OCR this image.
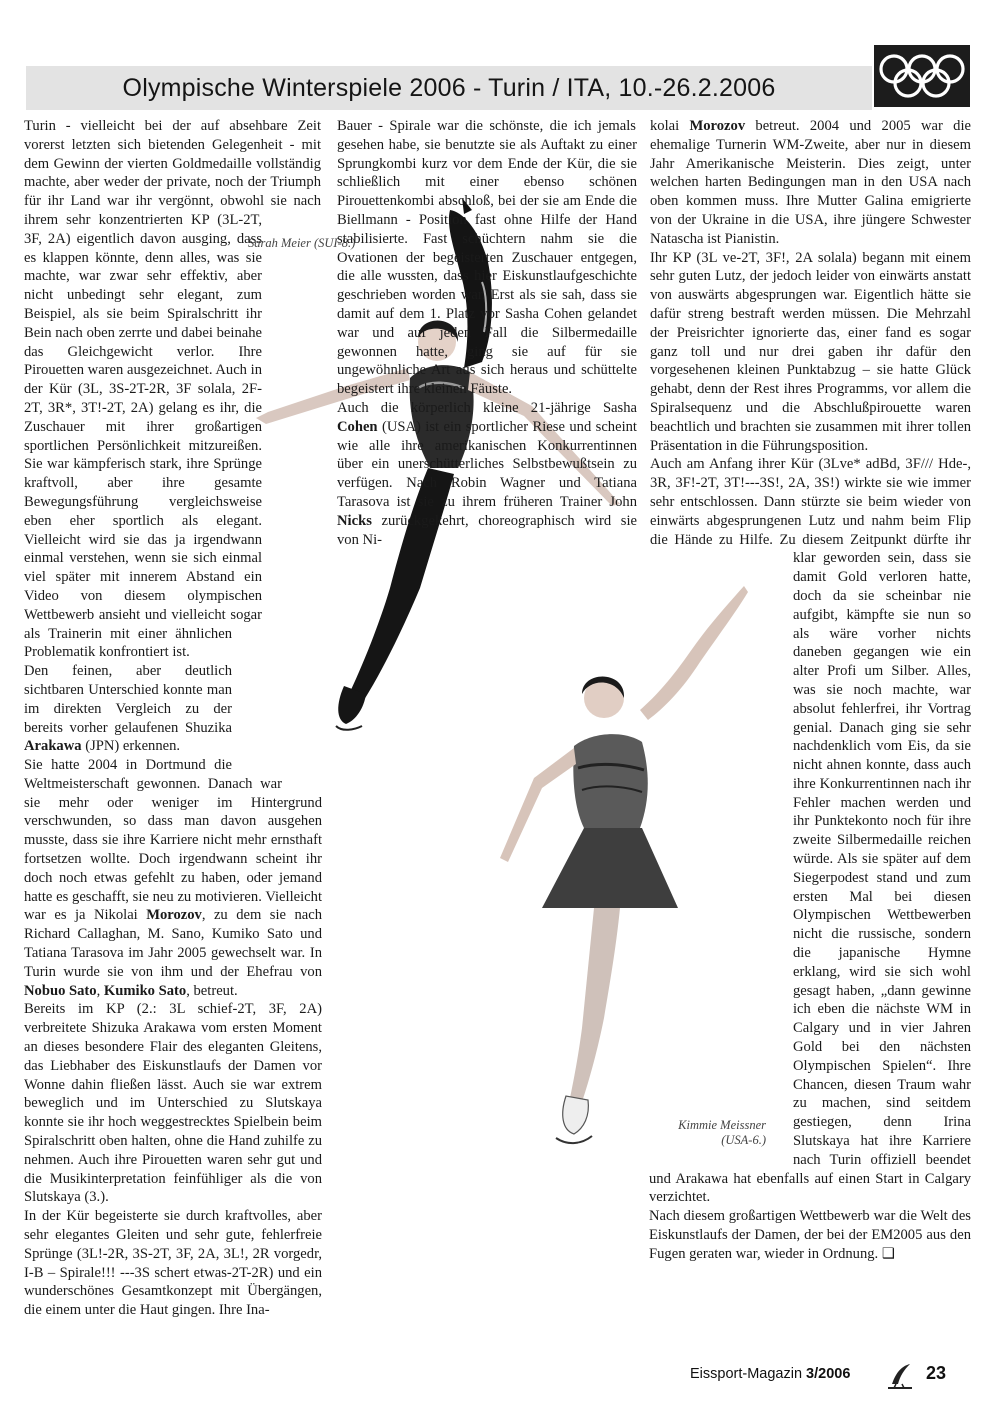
Olympische Winterspiele 2006 - Turin / ITA, 10.-26.2.2006
Sarah Meier (SUI-8.)
Kimmie Meissner
(USA-6.)

Turin - vielleicht bei der auf absehbare Zeit vorerst letzten sich bietenden Gelegenheit - mit dem Gewinn der vierten Goldmedaille vollständig machte, aber weder der private, noch der Triumph für ihr Land war ihr vergönnt, obwohl sie nach ihrem sehr konzentrierten KP (3L-2T, 3F, 2A) eigentlich davon ausging, dass es klappen könnte, denn alles, was sie machte, war zwar sehr effektiv, aber nicht unbedingt sehr elegant, zum Beispiel, als sie beim Spiralschritt ihr Bein nach oben zerrte und dabei beinahe das Gleichgewicht verlor. Ihre Pirouetten waren ausgezeichnet. Auch in der Kür (3L, 3S-2T-2R, 3F solala, 2F-2T, 3R*, 3T!-2T, 2A) gelang es ihr, die Zuschauer mit ihrer großartigen sportlichen Persönlichkeit mitzureißen. Sie war kämpferisch stark, ihre Sprünge kraftvoll, aber ihre gesamte Bewegungsführung vergleichsweise eben eher sportlich als elegant. Vielleicht wird sie das ja irgendwann einmal verstehen, wenn sie sich einmal viel später mit innerem Abstand ein Video von diesem olympischen Wettbewerb ansieht und vielleicht sogar als Trainerin mit einer ähnlichen Problematik konfrontiert ist.

Den feinen, aber deutlich sichtbaren Unterschied konnte man im direkten Vergleich zu der bereits vorher gelaufenen Shuzika Arakawa (JPN) erkennen.

Sie hatte 2004 in Dortmund die Weltmeisterschaft gewonnen. Danach war sie mehr oder weniger im Hintergrund verschwunden, so dass man davon ausgehen musste, dass sie ihre Karriere nicht mehr ernsthaft fortsetzen wollte. Doch irgendwann scheint ihr doch noch etwas gefehlt zu haben, oder jemand hatte es geschafft, sie neu zu motivieren. Vielleicht war es ja Nikolai Morozov, zu dem sie nach Richard Callaghan, M. Sano, Kumiko Sato und Tatiana Tarasova im Jahr 2005 gewechselt war. In Turin wurde sie von ihm und der Ehefrau von Nobuo Sato, Kumiko Sato, betreut.

Bereits im KP (2.: 3L schief-2T, 3F, 2A) verbreitete Shizuka Arakawa vom ersten Moment an dieses besondere Flair des eleganten Gleitens, das Liebhaber des Eiskunstlaufs der Damen vor Wonne dahin fließen lässt. Auch sie war extrem beweglich und im Unterschied zu Slutskaya konnte sie ihr hoch weggestrecktes Spielbein beim Spiralschritt oben halten, ohne die Hand zuhilfe zu nehmen. Auch ihre Pirouetten waren sehr gut und die Musikinterpretation feinfühliger als die von Slutskaya (3.).

In der Kür begeisterte sie durch kraftvolles, aber sehr elegantes Gleiten und sehr gute, fehlerfreie Sprünge (3L!-2R, 3S-2T, 3F, 2A, 3L!, 2R vorgedr, I-B – Spirale!!! ---3S schert etwas-2T-2R) und ein wunderschönes Gesamtkonzept mit Übergängen, die einem unter die Haut gingen. Ihre Ina-

Bauer - Spirale war die schönste, die ich jemals gesehen habe, sie benutzte sie als Auftakt zu einer Sprungkombi kurz vor dem Ende der Kür, die sie schließlich mit einer ebenso schönen Pirouettenkombi abschloß, bei der sie am Ende die Biellmann - Position fast ohne Hilfe der Hand stabilisierte. Fast schüchtern nahm sie die Ovationen der begeisterten Zuschauer entgegen, die alle wussten, dass hier Eiskunstlaufgeschichte geschrieben worden war. Erst als sie sah, dass sie damit auf dem 1. Platz vor Sasha Cohen gelandet war und auf jeden Fall die Silbermedaille gewonnen hatte, ging sie auf für sie ungewöhnliche Art aus sich heraus und schüttelte begeistert ihre kleinen Fäuste.

Auch die körperlich kleine 21-jährige Sasha Cohen (USA) ist ein sportlicher Riese und scheint wie alle ihre amerikanischen Konkurrentinnen über ein unerschütterliches Selbstbewußtsein zu verfügen. Nach Robin Wagner und Tatiana Tarasova ist sie zu ihrem früheren Trainer John Nicks zurückgekehrt, choreographisch wird sie von Ni-

kolai Morozov betreut. 2004 und 2005 war die ehemalige Turnerin WM-Zweite, aber nur in diesem Jahr Amerikanische Meisterin. Dies zeigt, unter welchen harten Bedingungen man in den USA nach oben kommen muss. Ihre Mutter Galina emigrierte von der Ukraine in die USA, ihre jüngere Schwester Natascha ist Pianistin.

Ihr KP (3L ve-2T, 3F!, 2A solala) begann mit einem sehr guten Lutz, der jedoch leider von einwärts anstatt von auswärts abgesprungen war. Eigentlich hätte sie dafür streng bestraft werden müssen. Die Mehrzahl der Preisrichter ignorierte das, einer fand es sogar ganz toll und nur drei gaben ihr dafür den vorgesehenen kleinen Punktabzug – sie hatte Glück gehabt, denn der Rest ihres Programms, vor allem die Spiralsequenz und die Abschlußpirouette waren beachtlich und brachten sie zusammen mit ihrer tollen Präsentation in die Führungsposition.

Auch am Anfang ihrer Kür (3Lve* adBd, 3F/// Hde-, 3R, 3F!-2T, 3T!---3S!, 2A, 3S!) wirkte sie wie immer sehr entschlossen. Dann stürzte sie beim wieder von einwärts abgesprungenen Lutz und nahm beim Flip die Hände zu Hilfe. Zu diesem Zeitpunkt dürfte ihr klar geworden sein, dass sie damit Gold verloren hatte, doch da sie scheinbar nie aufgibt, kämpfte sie nun so als wäre vorher nichts daneben gegangen wie ein alter Profi um Silber. Alles, was sie noch machte, war absolut fehlerfrei, ihr Vortrag genial. Danach ging sie sehr nachdenklich vom Eis, da sie nicht ahnen konnte, dass auch ihre Konkurrentinnen nach ihr Fehler machen werden und ihr Punktekonto noch für ihre zweite Silbermedaille reichen würde. Als sie später auf dem Siegerpodest stand und zum ersten Mal bei diesen Olympischen Wettbewerben nicht die russische, sondern die japanische Hymne erklang, wird sie sich wohl gesagt haben, „dann gewinne ich eben die nächste WM in Calgary und in vier Jahren Gold bei den nächsten Olympischen Spielen“. Ihre Chancen, diesen Traum wahr zu machen, sind seitdem gestiegen, denn Irina Slutskaya hat ihre Karriere nach Turin offiziell beendet und Arakawa hat ebenfalls auf einen Start in Calgary verzichtet.

Nach diesem großartigen Wettbewerb war die Welt des Eiskunstlaufs der Damen, der bei der EM2005 aus den Fugen geraten war, wieder in Ordnung. ❑

Eissport-Magazin 3/2006	23
